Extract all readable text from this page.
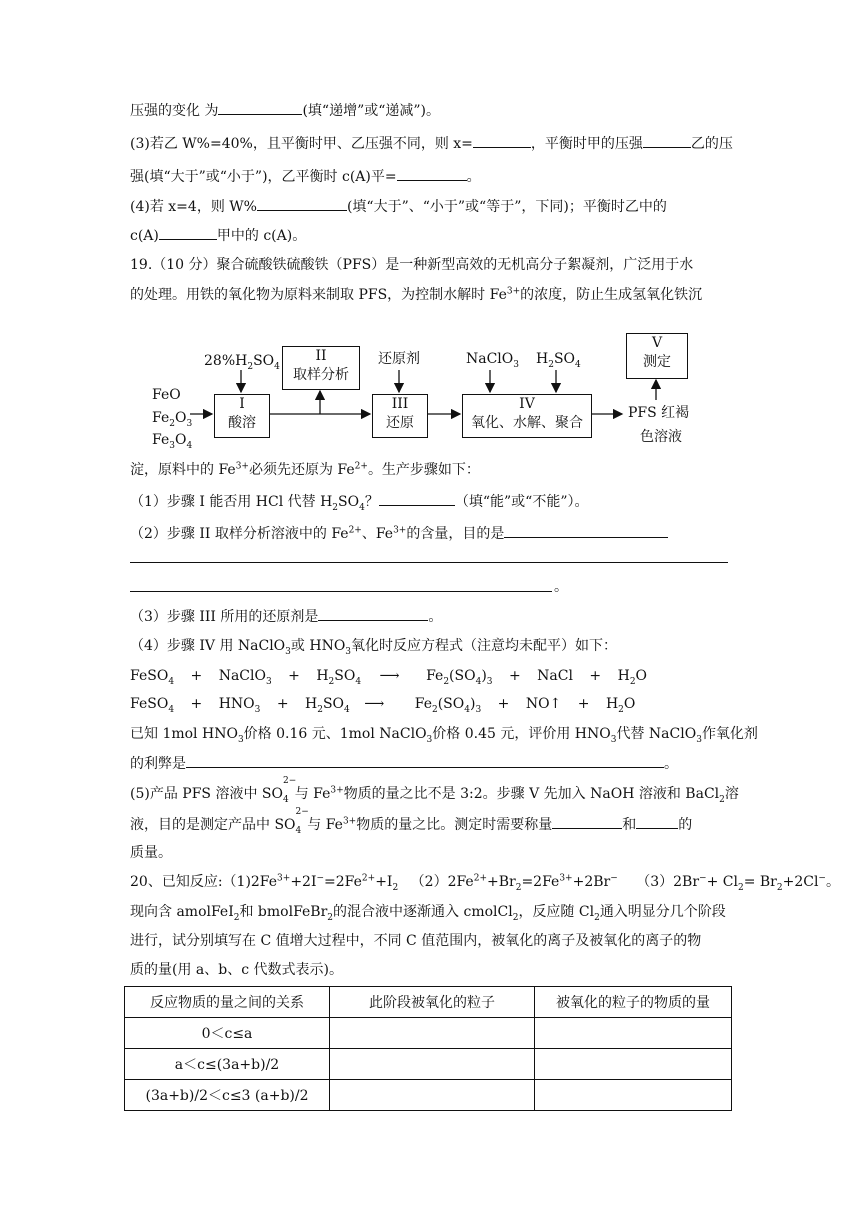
压强的变化 为	(填“递增”或“递减”)。
(3)若乙 W%=40%，且平衡时甲、乙压强不同，则 x=	，平衡时甲的压强	乙的压
强(填“大于”或“小于”)，乙平衡时 c(A)平=	。
(4)若 x=4，则 W%	(填“大于”、“小于”或“等于”，下同)；平衡时乙中的
c(A)	甲中的 c(A)。
19.（10 分）聚合硫酸铁硫酸铁（PFS）是一种新型高效的无机高分子絮凝剂，广泛用于水
的处理。用铁的氧化物为原料来制取 PFS，为控制水解时 $Fe^{3+}$的浓度，防止生成氢氧化铁沉
FeO
$Fe_2O_3$
$Fe_3O_4$
$28\%H_2SO_4$
I
酸溶
II
取样分析
还原剂
III
还原
NaClO$_3$ $H_2SO_4$
IV
氧化、水解、聚合
V
测定
PFS 红褐
色溶液
淀，原料中的 $Fe^{3+}$必须先还原为 $Fe^{2+}$。生产步骤如下：
（1）步骤 I 能否用 HCl 代替 $H_2SO_4$？	（填“能”或“不能”）。
（2）步骤 II 取样分析溶液中的 $Fe^{2+}$、$Fe^{3+}$的含量，目的是
。
（3）步骤 III 所用的还原剂是	。
（4）步骤 IV 用 NaClO$_3$或 $HNO_3$氧化时反应方程式（注意均未配平）如下：
FeSO$_4$ + NaClO$_3$ + $H_2SO_4$ ⟶ $Fe_2(SO_4)_3$ + NaCl + $H_2O$
FeSO$_4$ + $HNO_3 + H_2SO_4$ ⟶ $Fe_2(SO_4)_3$ + NO↑ + $H_2O$
已知 1mol $HNO_3$价格 0.16 元、1mol NaClO$_3$价格 0.45 元，评价用 $HNO_3$代替 NaClO$_3$作氧化剂
的利弊是	。
(5)产品 PFS 溶液中 SO
$_{2- 4}$ 与 $Fe^{3+}$物质的量之比不是 3:2。步骤 V 先加入 NaOH 溶液和 BaCl$_2$溶
液，目的是测定产品中 SO
$_{2- 4}$ 与 $Fe^{3+}$物质的量之比。测定时需要称量	和	的
质量。
20、已知反应$:(1)2Fe^{3+}+2I^-=2Fe^{2+}+I_2$ $(2)2Fe^{2+}+Br_2=2Fe^{3+}+2Br^-$ $(3)2Br^-+ Cl_2= Br_2+2Cl^-$。
现向含 amolFeI$_2$和 bmolFeBr$_2$的混合液中逐渐通入 cmolCl$_2$，反应随 $Cl_2$通入明显分几个阶段
进行，试分别填写在 C 值增大过程中，不同 C 值范围内，被氧化的离子及被氧化的离子的物
质的量(用 a、b、c 代数式表示)。
反应物质的量之间的关系	此阶段被氧化的粒子	被氧化的粒子的物质的量
0＜c≤a		
a＜c≤(3a+b)/2		
(3a+b)/2＜c≤3 (a+b)/2		
